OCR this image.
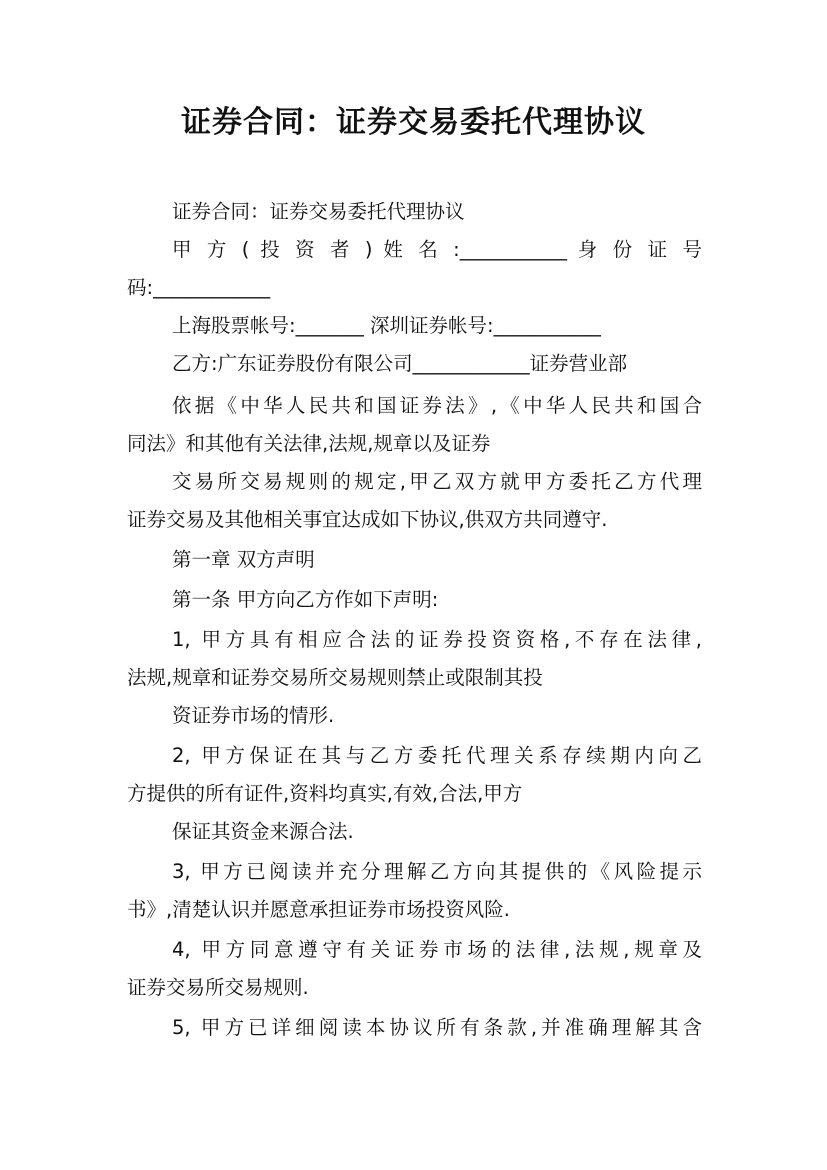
证券合同：证券交易委托代理协议
证券合同：证券交易委托代理协议
甲 方 ( 投 资 者 ) 姓 名 :___________ 身 份 证 号
码:____________
上海股票帐号:_______ 深圳证券帐号:___________
乙方:广东证券股份有限公司____________证券营业部
依据《中华人民共和国证券法》,《中华人民共和国合
同法》和其他有关法律,法规,规章以及证券
交易所交易规则的规定,甲乙双方就甲方委托乙方代理
证券交易及其他相关事宜达成如下协议,供双方共同遵守.
第一章 双方声明
第一条 甲方向乙方作如下声明:
1, 甲方具有相应合法的证券投资资格,不存在法律,
法规,规章和证券交易所交易规则禁止或限制其投
资证券市场的情形.
2, 甲方保证在其与乙方委托代理关系存续期内向乙
方提供的所有证件,资料均真实,有效,合法,甲方
保证其资金来源合法.
3, 甲方已阅读并充分理解乙方向其提供的《风险提示
书》,清楚认识并愿意承担证券市场投资风险.
4, 甲方同意遵守有关证券市场的法律,法规,规章及
证券交易所交易规则.
5, 甲方已详细阅读本协议所有条款,并准确理解其含
